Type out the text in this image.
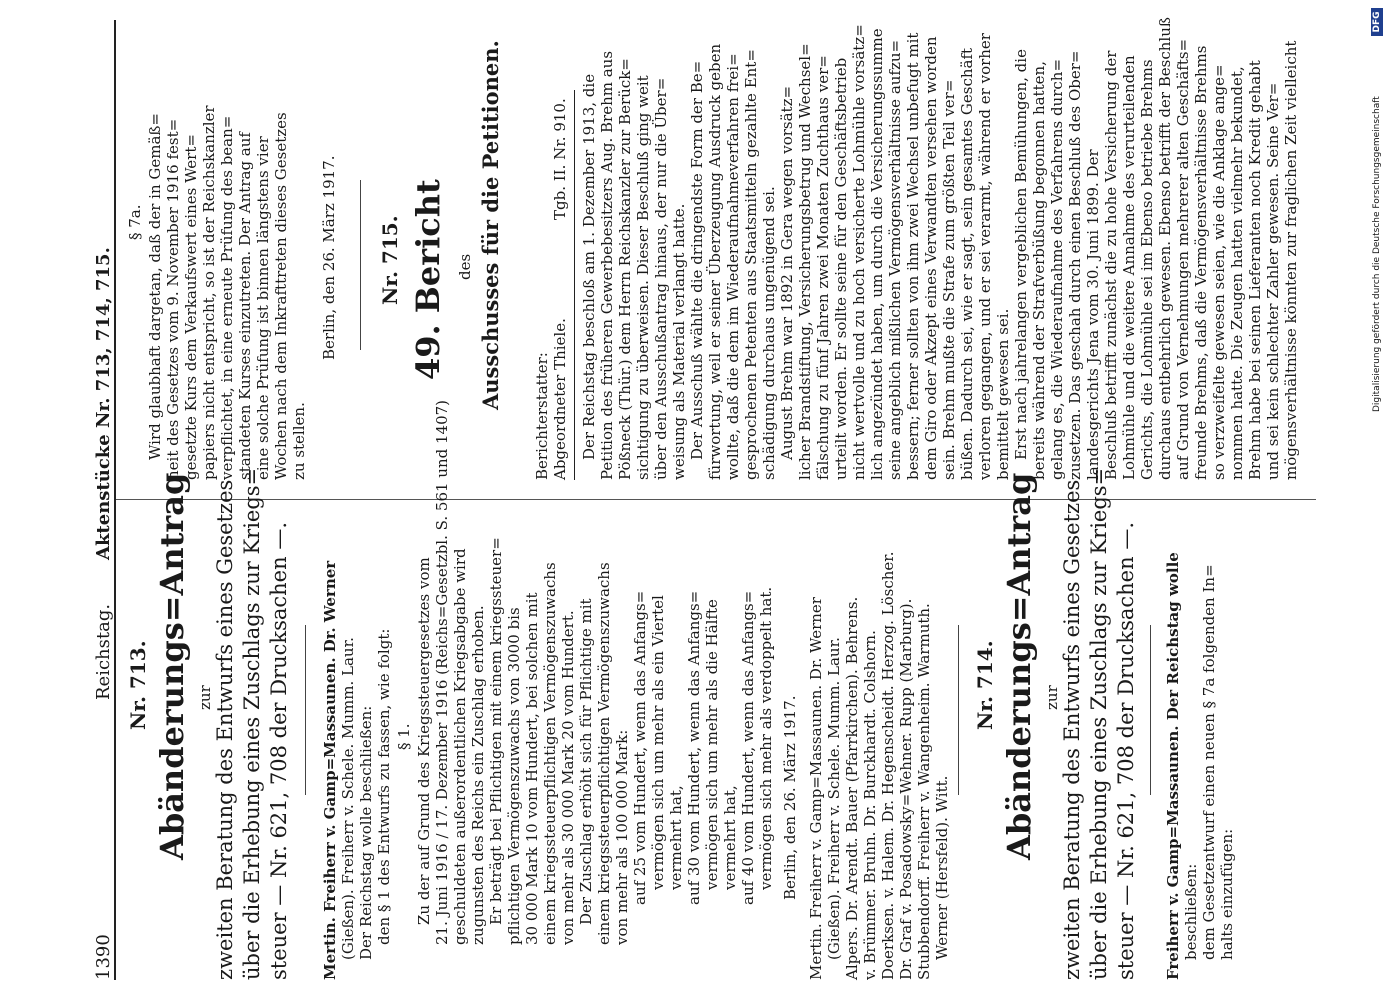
1390
Reichstag.
Aktenstücke Nr. 713, 714, 715.
Nr. 713. Abänderungs=Antrag zur zweiten Beratung des Entwurfs eines Gesetzes über die Erhebung eines Zuschlags zur Kriegs= steuer — Nr. 621, 708 der Drucksachen —. Mertin. Freiherr v. Gamp=Massaunen. Dr. Werner (Gießen). Freiherr v. Schele. Mumm. Laur. Der Reichstag wolle beschließen: den § 1 des Entwurfs zu fassen, wie folgt: § 1. Zu der auf Grund des Kriegssteuergesetzes vom 21. Juni 1916 / 17. Dezember 1916 (Reichs=Gesetzbl. S. 561 und 1407) geschuldeten außerordentlichen Kriegsabgabe wird zugunsten des Reichs ein Zuschlag erhoben. Er beträgt bei Pflichtigen mit einem kriegssteuer= pflichtigen Vermögenszuwachs von 3000 bis 30 000 Mark 10 vom Hundert, bei solchen mit einem kriegssteuerpflichtigen Vermögenszuwachs von mehr als 30 000 Mark 20 vom Hundert. Der Zuschlag erhöht sich für Pflichtige mit einem kriegssteuerpflichtigen Vermögenszuwachs von mehr als 100 000 Mark: auf 25 vom Hundert, wenn das Anfangs= vermögen sich um mehr als ein Viertel vermehrt hat, auf 30 vom Hundert, wenn das Anfangs= vermögen sich um mehr als die Hälfte vermehrt hat, auf 40 vom Hundert, wenn das Anfangs= vermögen sich mehr als verdoppelt hat. Berlin, den 26. März 1917. Mertin. Freiherr v. Gamp=Massaunen. Dr. Werner (Gießen). Freiherr v. Schele. Mumm. Laur. Alpers. Dr. Arendt. Bauer (Pfarrkirchen). Behrens. v. Brümmer. Bruhn. Dr. Burckhardt. Colshorn. Doerksen. v. Halem. Dr. Hegenscheidt. Herzog. Löscher. Dr. Graf v. Posadowsky=Wehner. Rupp (Marburg). Stubbendorff. Freiherr v. Wangenheim. Warmuth. Werner (Hersfeld). Witt.
Nr. 714. Abänderungs=Antrag zur zweiten Beratung des Entwurfs eines Gesetzes über die Erhebung eines Zuschlags zur Kriegs= steuer — Nr. 621, 708 der Drucksachen —. Freiherr v. Gamp=Massaunen. Der Reichstag wolle beschließen: dem Gesetzentwurf einen neuen § 7a folgenden In= halts einzufügen:
§ 7a. Wird glaubhaft dargetan, daß der in Gemäß= heit des Gesetzes vom 9. November 1916 fest= gesetzte Kurs dem Verkaufswert eines Wert= papiers nicht entspricht, so ist der Reichskanzler verpflichtet, in eine erneute Prüfung des bean= standeten Kurses einzutreten. Der Antrag auf eine solche Prüfung ist binnen längstens vier Wochen nach dem Inkrafttreten dieses Gesetzes zu stellen.
Berlin, den 26. März 1917. Nr. 715. 49. Bericht des Ausschusses für die Petitionen.
Berichterstatter: Abgeordneter Thiele.
Tgb. II. Nr. 910. Der Reichstag beschloß am 1. Dezember 1913, die Petition des früheren Gewerbebesitzers Aug. Brehm aus Pößneck (Thür.) dem Herrn Reichskanzler zur Berück= sichtigung zu überweisen. Dieser Beschluß ging weit über den Ausschußantrag hinaus, der nur die Über= weisung als Material verlangt hatte. Der Ausschuß wählte die dringendste Form der Be= fürwortung, weil er seiner Überzeugung Ausdruck geben wollte, daß die dem im Wiederaufnahmeverfahren frei= gesprochenen Petenten aus Staatsmitteln gezahlte Ent= schädigung durchaus ungenügend sei. August Brehm war 1892 in Gera wegen vorsätz= licher Brandstiftung, Versicherungsbetrug und Wechsel= fälschung zu fünf Jahren zwei Monaten Zuchthaus ver= urteilt worden. Er sollte seine für den Geschäftsbetrieb nicht wertvolle und zu hoch versicherte Lohmühle vorsätz= lich angezündet haben, um durch die Versicherungssumme seine angeblich mißlichen Vermögensverhältnisse aufzu= bessern; ferner sollten von ihm zwei Wechsel unbefugt mit dem Giro oder Akzept eines Verwandten versehen worden sein. Brehm mußte die Strafe zum größten Teil ver= büßen. Dadurch sei, wie er sagt, sein gesamtes Geschäft verloren gegangen, und er sei verarmt, während er vorher bemittelt gewesen sei. Erst nach jahrelangen vergeblichen Bemühungen, die bereits während der Strafverbüßung begonnen hatten, gelang es, die Wiederaufnahme des Verfahrens durch= zusetzen. Das geschah durch einen Beschluß des Ober= landesgerichts Jena vom 30. Juni 1899. Der Beschluß betrifft zunächst die zu hohe Versicherung der Lohmühle und die weitere Annahme des verurteilenden Gerichts, die Lohmühle sei im Ebenso betriebe Brehms durchaus entbehrlich gewesen. Ebenso betrifft der Beschluß auf Grund von Vernehmungen mehrerer alten Geschäfts= freunde Brehms, daß die Vermögensverhältnisse Brehms so verzweifelte gewesen seien, wie die Anklage ange= nommen hatte. Die Zeugen hatten vielmehr bekundet, Brehm habe bei seinen Lieferanten noch Kredit gehabt und sei kein schlechter Zahler gewesen. Seine Ver= mögensverhältnisse könnten zur fraglichen Zeit vielleicht
DFG
Digitalisierung gefördert durch die Deutsche Forschungsgemeinschaft
